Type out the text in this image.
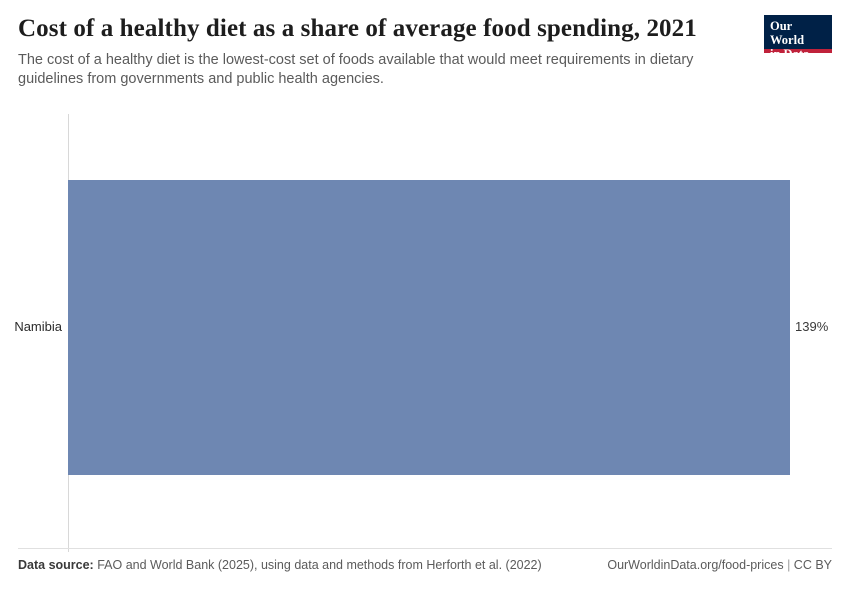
Cost of a healthy diet as a share of average food spending, 2021

The cost of a healthy diet is the lowest-cost set of foods available that would meet requirements in dietary guidelines from governments and public health agencies.

Our World
in Data
Namibia	139%
Data source: FAO and World Bank (2025), using data and methods from Herforth et al. (2022)	OurWorldinData.org/food-prices | CC BY
